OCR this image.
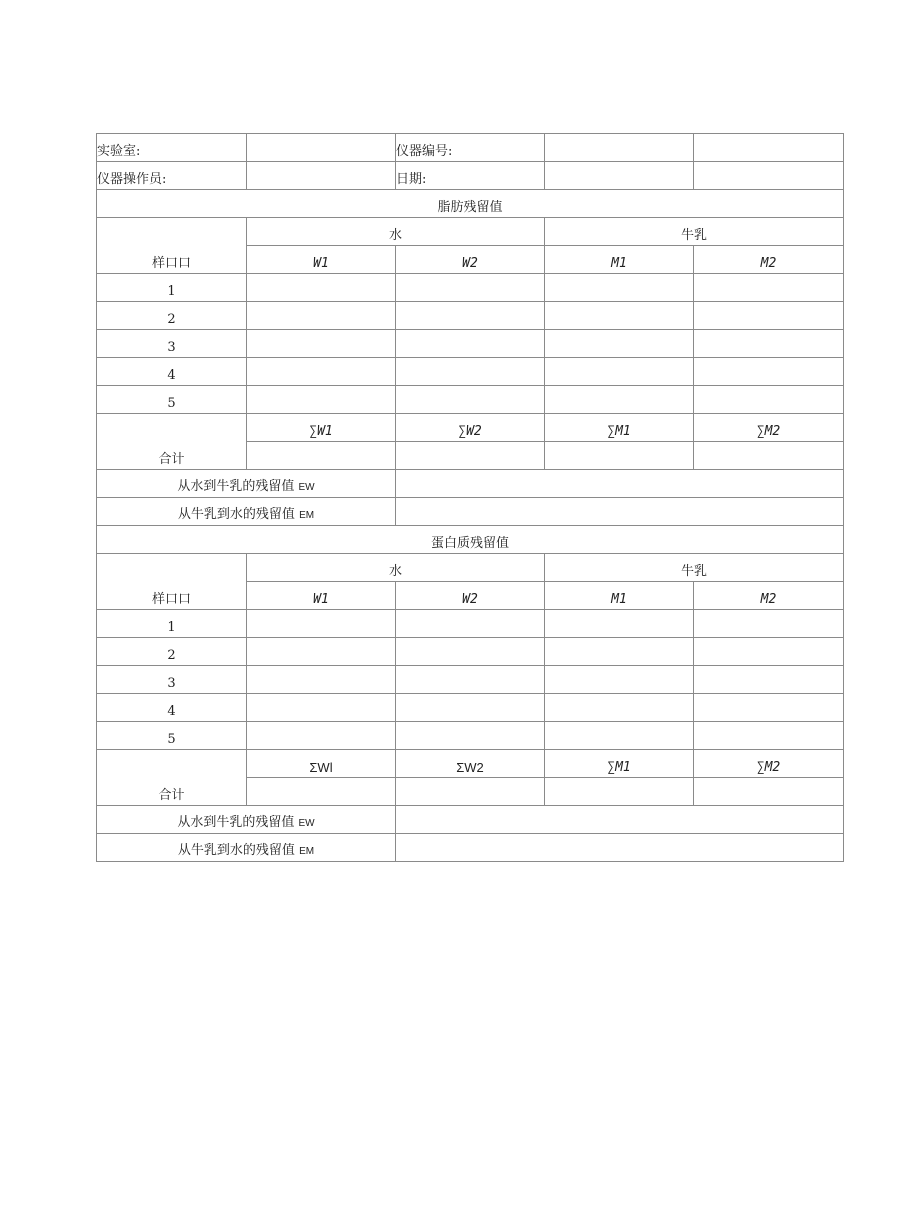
实验室:		仪器编号:		
仪器操作员:		日期:		
脂肪残留值				
样口口	水		牛乳	
	W1	W2	M1	M2
1				
2				
3				
4				
5				
合计	∑W1	∑W2	∑M1	∑M2

从水到牛乳的残留值 EW				
从牛乳到水的残留值 EM				
蛋白质残留值				
样口口	水		牛乳	
	W1	W2	M1	M2
1				
2				
3				
4				
5				
合计	ΣWl	ΣW2	∑M1	∑M2

从水到牛乳的残留值 EW				
从牛乳到水的残留值 EM				
